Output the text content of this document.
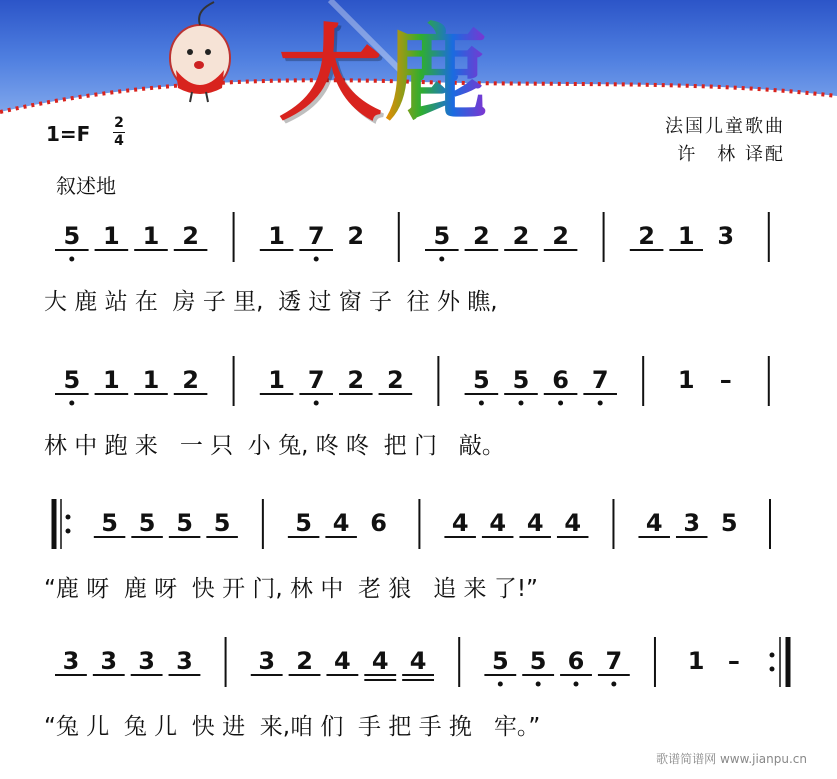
大鹿
1=F 2
4
叙述地
法国儿童歌曲
许　林 译配
5 1 1 2	1 7 2	5 2 2 2	2 1 3
5 1 1 2	1 7 2 2	5 5 6 7	1 –
5 5 5 5	5 4 6	4 4 4 4	4 3 5
3 3 3 3	3 2 4 4 4	5 5 6 7	1 –
大 鹿 站 在  房 子 里,  透 过 窗 子  往 外 瞧,
林 中 跑 来   一 只  小 兔, 咚 咚  把 门   敲。
“鹿 呀  鹿 呀  快 开 门, 林 中  老 狼   追 来 了!”
“兔 儿  兔 儿  快 进  来,咱 们  手 把 手 挽   牢。”
歌谱简谱网 www.jianpu.cn
